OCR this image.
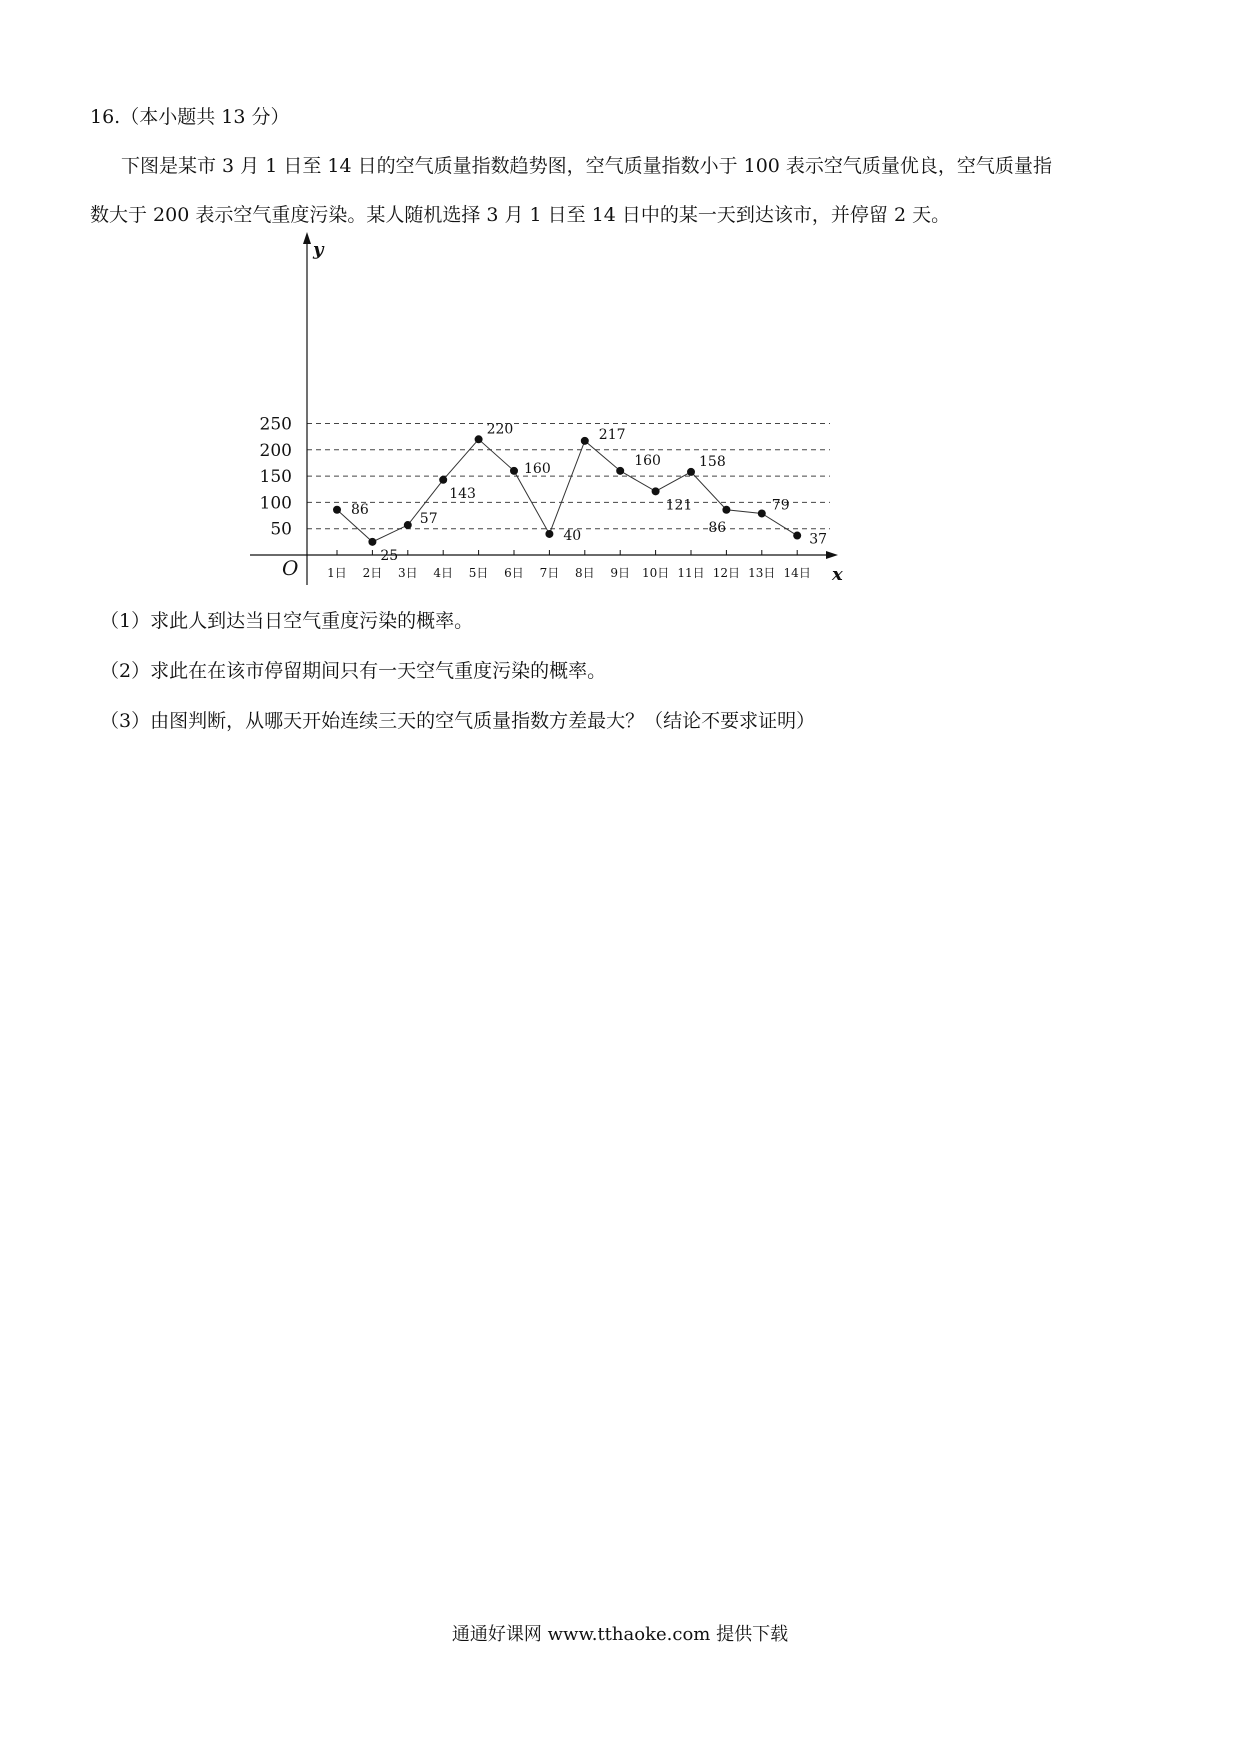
16.（本小题共 13 分）
下图是某市 3 月 1 日至 14 日的空气质量指数趋势图，空气质量指数小于 100 表示空气质量优良，空气质量指
数大于 200 表示空气重度污染。某人随机选择 3 月 1 日至 14 日中的某一天到达该市，并停留 2 天。
50
100
150
200
250
1日 2日 3日 4日 5日 6日 7日 8日 9日 10日 11日 12日 13日 14日
86
25
57
143
220
160
40
217
160
121
158
86
79
37
x
y
O
（1）求此人到达当日空气重度污染的概率。
（2）求此在在该市停留期间只有一天空气重度污染的概率。
（3）由图判断，从哪天开始连续三天的空气质量指数方差最大？（结论不要求证明）
通通好课网 www.tthaoke.com 提供下载
